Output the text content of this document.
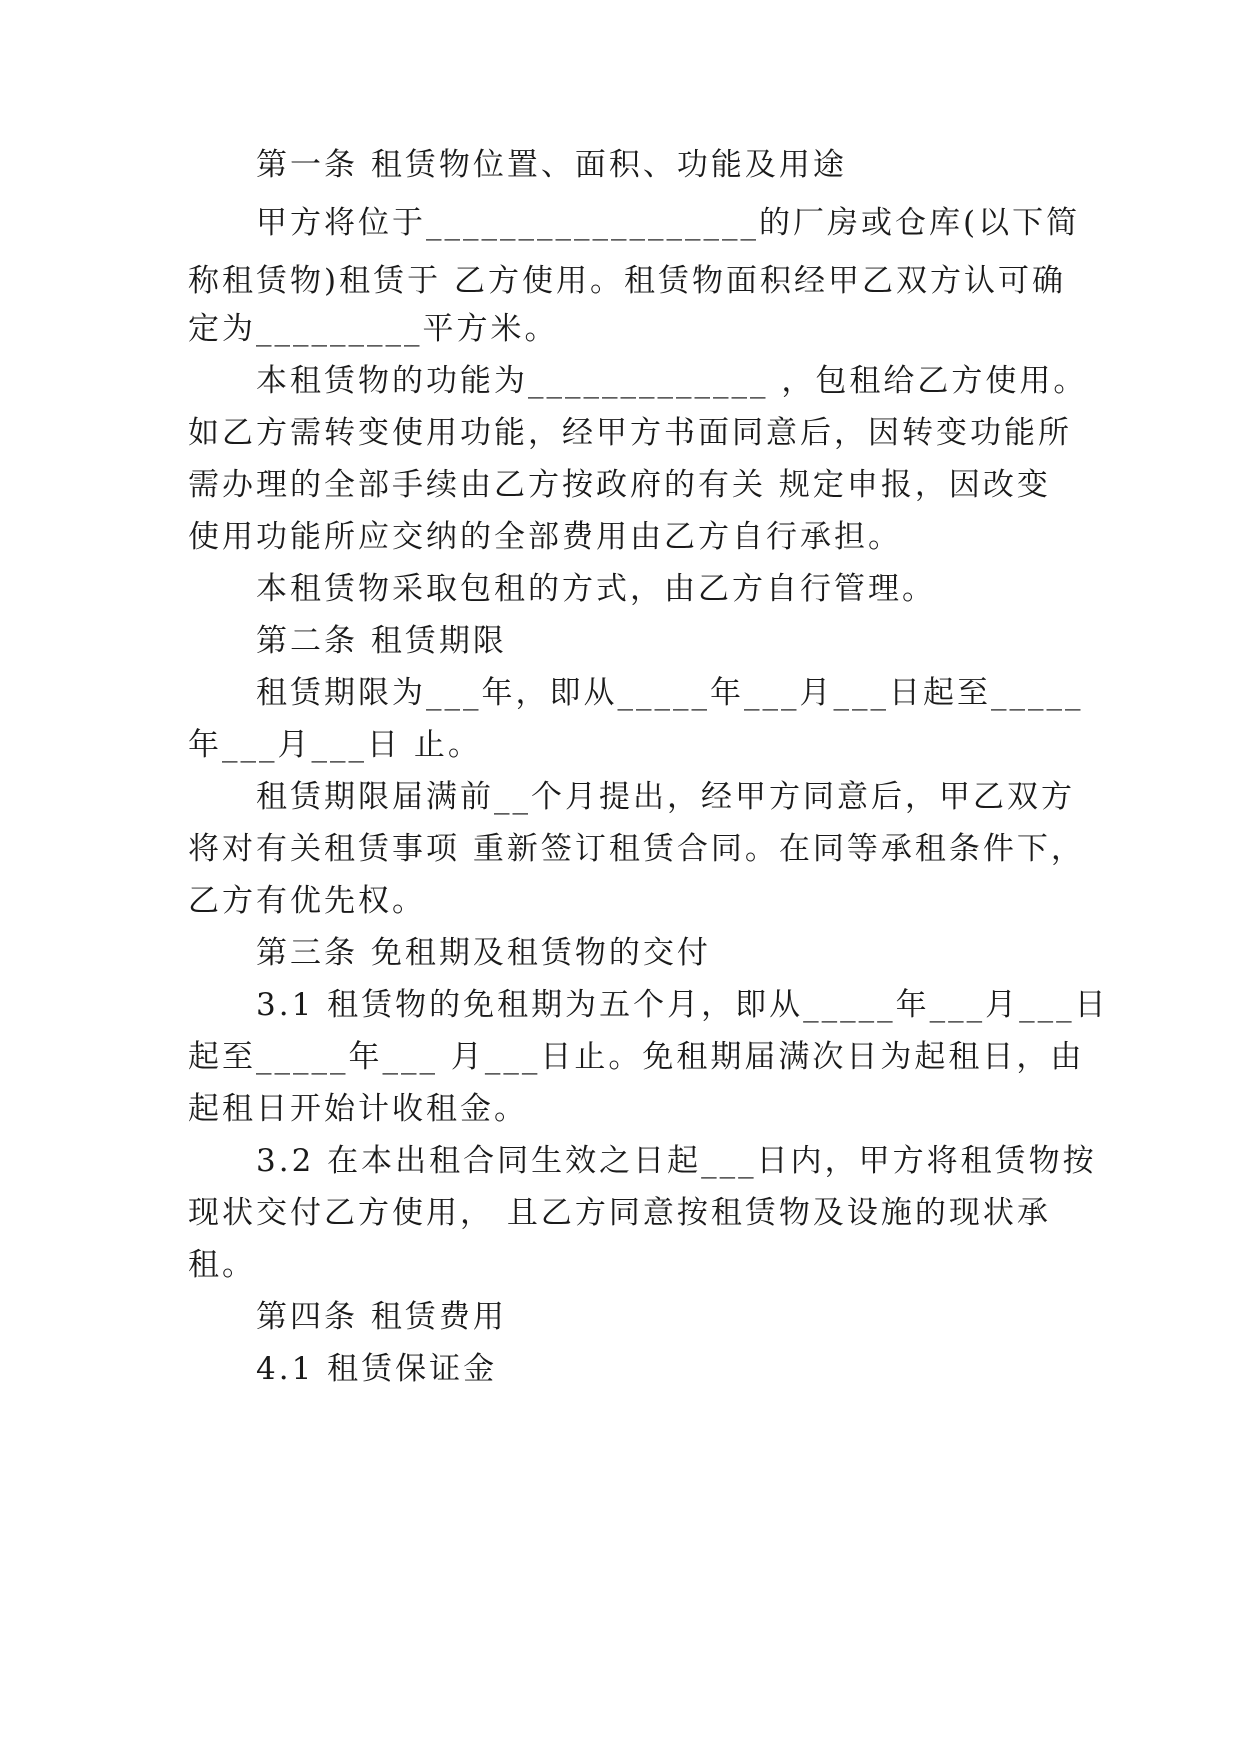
第一条 租赁物位置、面积、功能及用途

甲方将位于__________________的厂房或仓库(以下简

称租赁物)租赁于 乙方使用。租赁物面积经甲乙双方认可确

定为_________平方米。

本租赁物的功能为_____________ ，包租给乙方使用。

如乙方需转变使用功能，经甲方书面同意后，因转变功能所

需办理的全部手续由乙方按政府的有关 规定申报，因改变

使用功能所应交纳的全部费用由乙方自行承担。

本租赁物采取包租的方式，由乙方自行管理。

第二条 租赁期限

租赁期限为___年，即从_____年___月___日起至_____

年___月___日 止。

租赁期限届满前__个月提出，经甲方同意后，甲乙双方

将对有关租赁事项 重新签订租赁合同。在同等承租条件下，

乙方有优先权。

第三条 免租期及租赁物的交付

3.1 租赁物的免租期为五个月，即从_____年___月___日

起至_____年___ 月___日止。免租期届满次日为起租日，由

起租日开始计收租金。

3.2 在本出租合同生效之日起___日内，甲方将租赁物按

现状交付乙方使用， 且乙方同意按租赁物及设施的现状承

租。

第四条 租赁费用

4.1 租赁保证金
